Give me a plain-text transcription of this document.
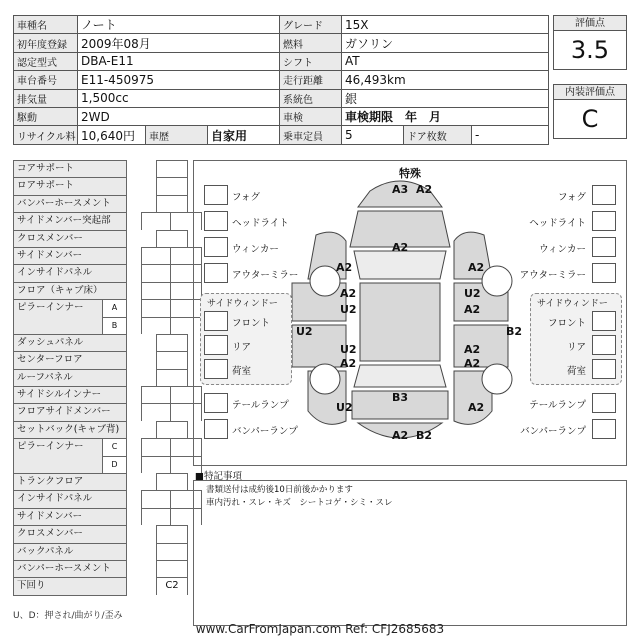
車種名	ノート			グレード	15X		
初年度登録	2009年08月			燃料	ガソリン		
認定型式	DBA-E11			シフト	AT		
車台番号	E11-450975			走行距離	46,493km		
排気量	1,500cc			系統色	銀		
駆動	2WD			車検	車検期限　年　月		
リサイクル料	10,640円	車歴	自家用	乗車定員	5	ドア枚数	-
評価点
3.5
内装評価点
C
コアサポート
ロアサポート
バンパーホースメント
サイドメンバー突起部
クロスメンバー
サイドメンバー
インサイドパネル
フロア（キャブ床）
ピラーインナー	A
B
ダッシュパネル
センターフロア
ルーフパネル
サイドシルインナー
フロアサイドメンバー
セットバック(キャブ背)
ピラーインナー	C
D
トランクフロア
インサイドパネル
サイドメンバー
クロスメンバー
バックパネル
バンパーホースメント
下回り	C2
U、D：押され/曲がり/歪み
特殊
フォグ
ヘッドライト
ウィンカー
アウターミラー
フォグ
ヘッドライト
ウィンカー
アウターミラー
サイドウィンドー	サイドウィンドー
フロント	フロント
リア	リア
荷室	荷室
テールランプ	テールランプ
バンパーランプ	バンパーランプ
A3 A2
A2
A2
A2
U2
U2
A2
U2
A2
U2	B2
A2
A2
U2
B3
A2
A2 B2
A2
■特記事項
書類送付は成約後10日前後かかります
車内汚れ・スレ・キズ　シートコゲ・シミ・スレ
www.CarFromJapan.com Ref: CFJ2685683
